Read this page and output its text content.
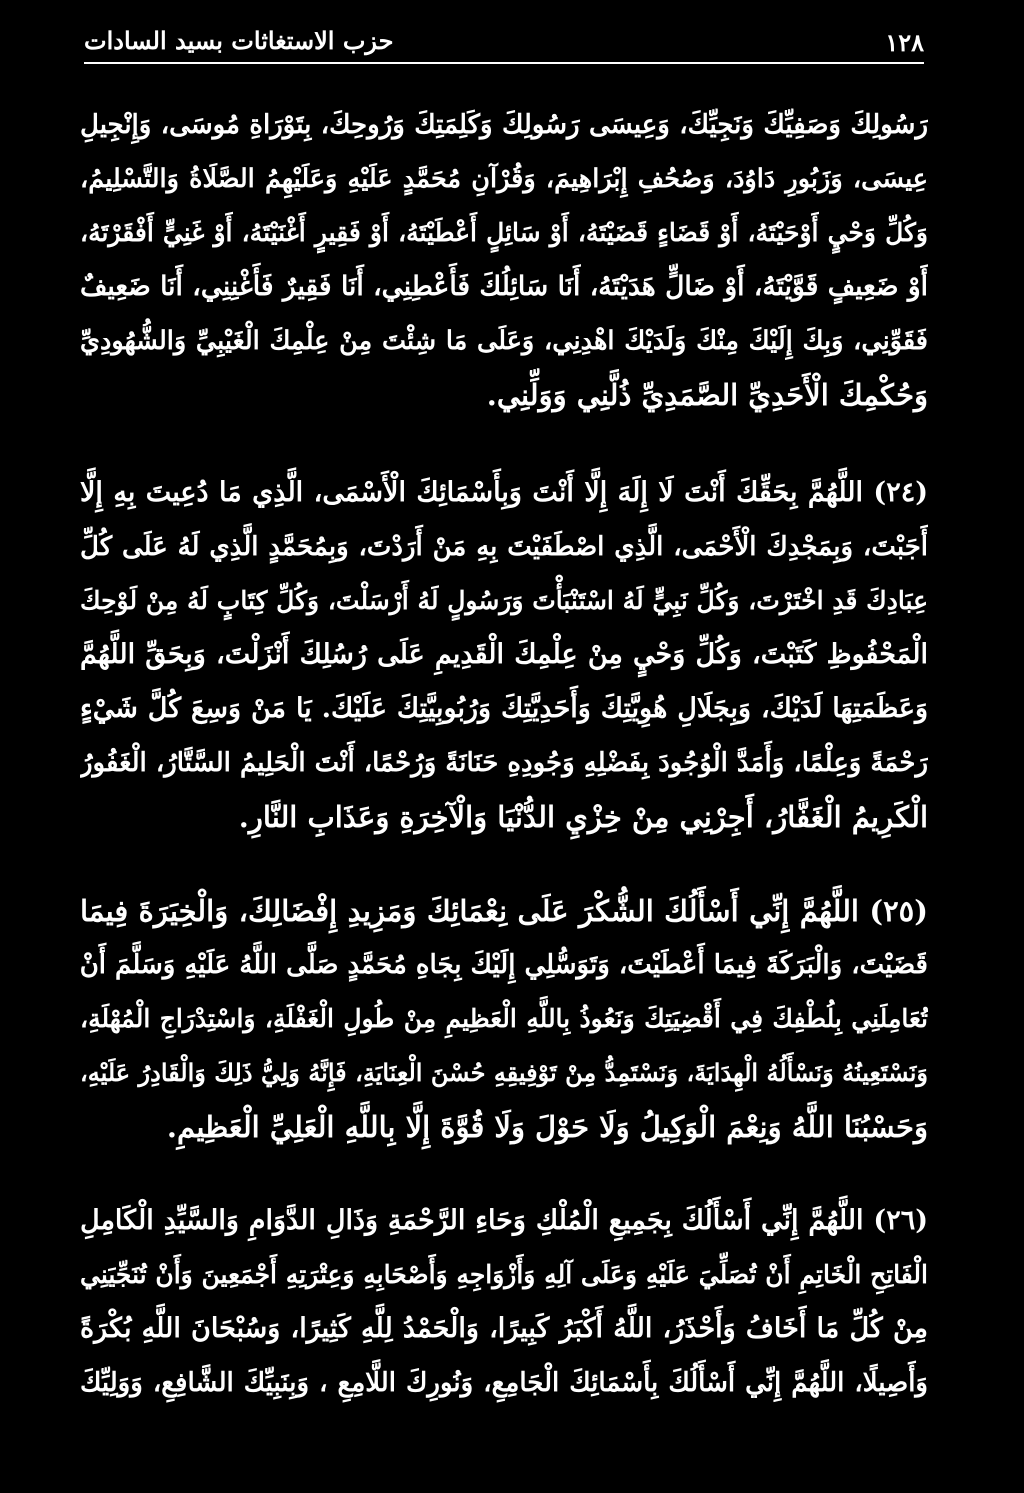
١٢٨
حزب الاستغاثات بسيد السادات
رَسُولِكَ وَصَفِيِّكَ وَنَجِيِّكَ، وَعِيسَى رَسُولِكَ وَكَلِمَتِكَ وَرُوحِكَ، بِتَوْرَاةِ مُوسَى، وَإِنْجِيلِ
عِيسَى، وَزَبُورِ دَاوُدَ، وَصُحُفِ إِبْرَاهِيمَ، وَقُرْآنِ مُحَمَّدٍ عَلَيْهِ وَعَلَيْهِمُ الصَّلَاةُ وَالتَّسْلِيمُ،
وَكُلِّ وَحْيٍ أَوْحَيْتَهُ، أَوْ قَضَاءٍ قَضَيْتَهُ، أَوْ سَائِلٍ أَعْطَيْتَهُ، أَوْ فَقِيرٍ أَغْنَيْتَهُ، أَوْ غَنِيٍّ أَفْقَرْتَهُ،
أَوْ ضَعِيفٍ قَوَّيْتَهُ، أَوْ ضَالٍّ هَدَيْتَهُ، أَنَا سَائِلُكَ فَأَعْطِنِي، أَنَا فَقِيرٌ فَأَغْنِنِي، أَنَا ضَعِيفٌ
فَقَوِّنِي، وَبِكَ إِلَيْكَ مِنْكَ وَلَدَيْكَ اهْدِنِي، وَعَلَى مَا شِئْتَ مِنْ عِلْمِكَ الْغَيْبِيِّ وَالشُّهُودِيِّ
وَحُكْمِكَ الْأَحَدِيِّ الصَّمَدِيِّ ذُلَّنِي وَوَلِّنِي.
(٢٤) اللَّهُمَّ بِحَقِّكَ أَنْتَ لَا إِلَهَ إِلَّا أَنْتَ وَبِأَسْمَائِكَ الْأَسْمَى، الَّذِي مَا دُعِيتَ بِهِ إِلَّا
أَجَبْتَ، وَبِمَجْدِكَ الْأَحْمَى، الَّذِي اصْطَفَيْتَ بِهِ مَنْ أَرَدْتَ، وَبِمُحَمَّدٍ الَّذِي لَهُ عَلَى كُلِّ
عِبَادِكَ قَدِ اخْتَرْتَ، وَكُلِّ نَبِيٍّ لَهُ اسْتَنْبَأْتَ وَرَسُولٍ لَهُ أَرْسَلْتَ، وَكُلِّ كِتَابٍ لَهُ مِنْ لَوْحِكَ
الْمَحْفُوظِ كَتَبْتَ، وَكُلِّ وَحْيٍ مِنْ عِلْمِكَ الْقَدِيمِ عَلَى رُسُلِكَ أَنْزَلْتَ، وَبِحَقِّ اللَّهُمَّ
وَعَظَمَتِهَا لَدَيْكَ، وَبِجَلَالِ هُوِيَّتِكَ وَأَحَدِيَّتِكَ وَرُبُوبِيَّتِكَ عَلَيْكَ. يَا مَنْ وَسِعَ كُلَّ شَيْءٍ
رَحْمَةً وَعِلْمًا، وَأَمَدَّ الْوُجُودَ بِفَضْلِهِ وَجُودِهِ حَنَانَةً وَرُحْمًا، أَنْتَ الْحَلِيمُ السَّتَّارُ، الْغَفُورُ
الْكَرِيمُ الْغَفَّارُ، أَجِرْنِي مِنْ خِزْيِ الدُّنْيَا وَالْآخِرَةِ وَعَذَابِ النَّارِ.
(٢٥) اللَّهُمَّ إِنِّي أَسْأَلُكَ الشُّكْرَ عَلَى نِعْمَائِكَ وَمَزِيدِ إِفْضَالِكَ، وَالْخِيَرَةَ فِيمَا
قَضَيْتَ، وَالْبَرَكَةَ فِيمَا أَعْطَيْتَ، وَتَوَسُّلِي إِلَيْكَ بِجَاهِ مُحَمَّدٍ صَلَّى اللَّهُ عَلَيْهِ وَسَلَّمَ أَنْ
تُعَامِلَنِي بِلُطْفِكَ فِي أَقْضِيَتِكَ وَنَعُوذُ بِاللَّهِ الْعَظِيمِ مِنْ طُولِ الْغَفْلَةِ، وَاسْتِدْرَاجِ الْمُهْلَةِ،
وَنَسْتَعِينُهُ وَنَسْأَلُهُ الْهِدَايَةَ، وَنَسْتَمِدُّ مِنْ تَوْفِيقِهِ حُسْنَ الْعِنَايَةِ، فَإِنَّهُ وَلِيُّ ذَلِكَ وَالْقَادِرُ عَلَيْهِ،
وَحَسْبُنَا اللَّهُ وَنِعْمَ الْوَكِيلُ وَلَا حَوْلَ وَلَا قُوَّةَ إِلَّا بِاللَّهِ الْعَلِيِّ الْعَظِيمِ.
(٢٦) اللَّهُمَّ إِنِّي أَسْأَلُكَ بِجَمِيعِ الْمُلْكِ وَحَاءِ الرَّحْمَةِ وَذَالِ الدَّوَامِ وَالسَّيِّدِ الْكَامِلِ
الْفَاتِحِ الْخَاتِمِ أَنْ تُصَلِّيَ عَلَيْهِ وَعَلَى آلِهِ وَأَزْوَاجِهِ وَأَصْحَابِهِ وَعِتْرَتِهِ أَجْمَعِينَ وَأَنْ تُنَجِّيَنِي
مِنْ كُلِّ مَا أَخَافُ وَأَحْذَرُ، اللَّهُ أَكْبَرُ كَبِيرًا، وَالْحَمْدُ لِلَّهِ كَثِيرًا، وَسُبْحَانَ اللَّهِ بُكْرَةً
وَأَصِيلًا، اللَّهُمَّ إِنِّي أَسْأَلُكَ بِأَسْمَائِكَ الْجَامِعِ، وَنُورِكَ اللَّامِعِ ، وَبِنَبِيِّكَ الشَّافِعِ، وَوَلِيِّكَ
